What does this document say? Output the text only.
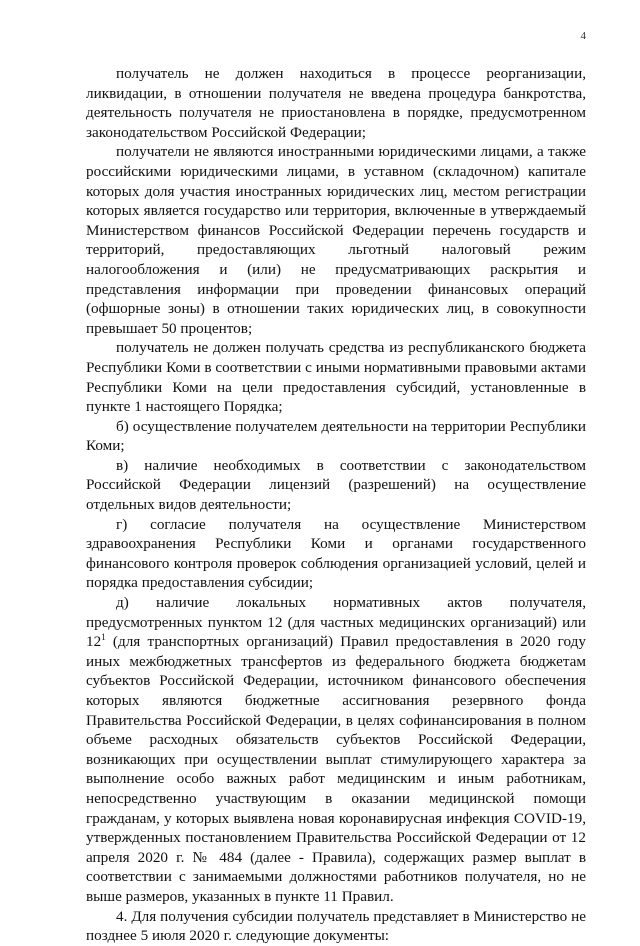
4

получатель не должен находиться в процессе реорганизации, ликвидации, в отношении получателя не введена процедура банкротства, деятельность получателя не приостановлена в порядке, предусмотренном законодательством Российской Федерации;

получатели не являются иностранными юридическими лицами, а также российскими юридическими лицами, в уставном (складочном) капитале которых доля участия иностранных юридических лиц, местом регистрации которых является государство или территория, включенные в утверждаемый Министерством финансов Российской Федерации перечень государств и территорий, предоставляющих льготный налоговый режим налогообложения и (или) не предусматривающих раскрытия и представления информации при проведении финансовых операций (офшорные зоны) в отношении таких юридических лиц, в совокупности превышает 50 процентов;

получатель не должен получать средства из республиканского бюджета Республики Коми в соответствии с иными нормативными правовыми актами Республики Коми на цели предоставления субсидий, установленные в пункте 1 настоящего Порядка;

б) осуществление получателем деятельности на территории Республики Коми;

в) наличие необходимых в соответствии с законодательством Российской Федерации лицензий (разрешений) на осуществление отдельных видов деятельности;

г) согласие получателя на осуществление Министерством здравоохранения Республики Коми и органами государственного финансового контроля проверок соблюдения организацией условий, целей и порядка предоставления субсидии;

д) наличие локальных нормативных актов получателя, предусмотренных пунктом 12 (для частных медицинских организаций) или $12^1$ (для транспортных организаций) Правил предоставления в 2020 году иных межбюджетных трансфертов из федерального бюджета бюджетам субъектов Российской Федерации, источником финансового обеспечения которых являются бюджетные ассигнования резервного фонда Правительства Российской Федерации, в целях софинансирования в полном объеме расходных обязательств субъектов Российской Федерации, возникающих при осуществлении выплат стимулирующего характера за выполнение особо важных работ медицинским и иным работникам, непосредственно участвующим в оказании медицинской помощи гражданам, у которых выявлена новая коронавирусная инфекция COVID-19, утвержденных постановлением Правительства Российской Федерации от 12 апреля 2020 г. № 484 (далее - Правила), содержащих размер выплат в соответствии с занимаемыми должностями работников получателя, но не выше размеров, указанных в пункте 11 Правил.

4. Для получения субсидии получатель представляет в Министерство не позднее 5 июля 2020 г. следующие документы:
